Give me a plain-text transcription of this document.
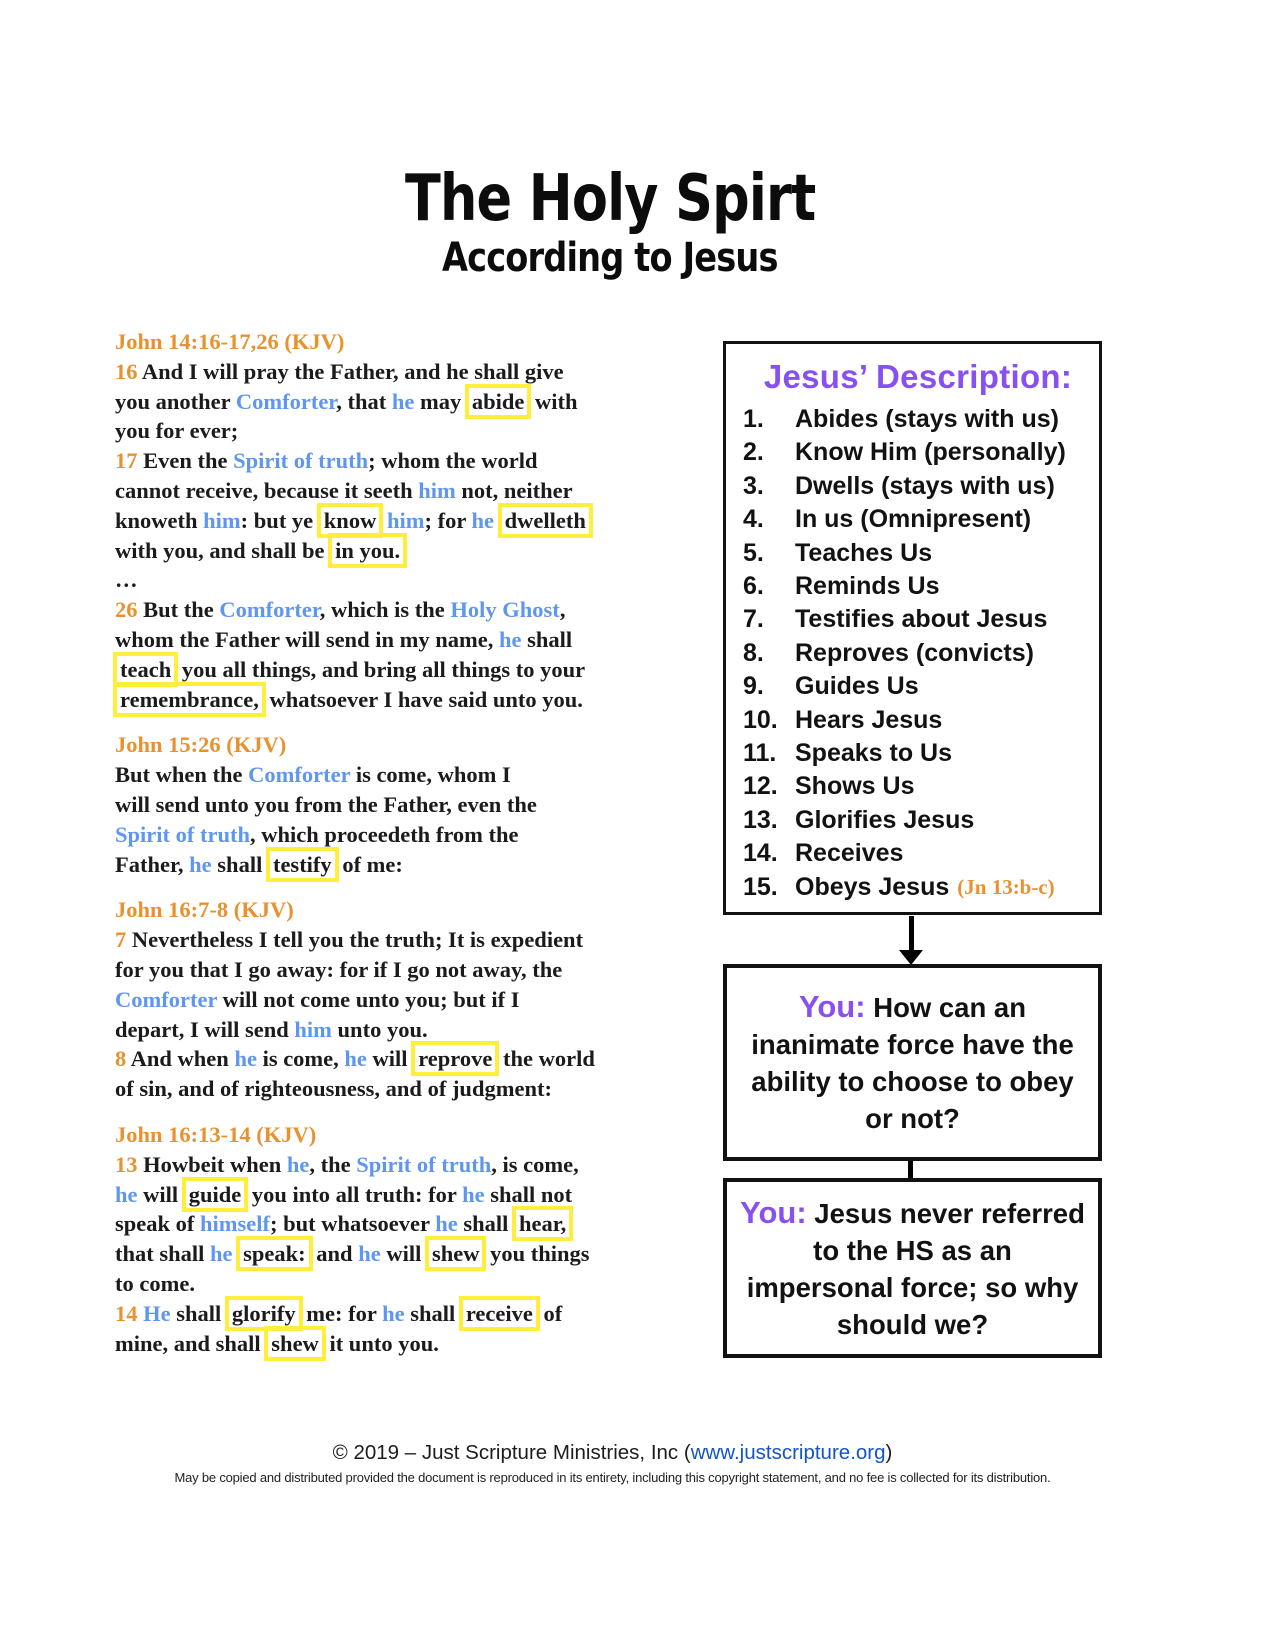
The Holy Spirt
According to Jesus
John 14:16-17,26 (KJV)
16 And I will pray the Father, and he shall give
you another Comforter, that he may abide with
you for ever;
17 Even the Spirit of truth; whom the world
cannot receive, because it seeth him not, neither
knoweth him: but ye know him; for he dwelleth
with you, and shall be in you.
…
26 But the Comforter, which is the Holy Ghost,
whom the Father will send in my name, he shall
teach you all things, and bring all things to your
remembrance, whatsoever I have said unto you.
John 15:26 (KJV)
But when the Comforter is come, whom I
will send unto you from the Father, even the
Spirit of truth, which proceedeth from the
Father, he shall testify of me:
John 16:7-8 (KJV)
7 Nevertheless I tell you the truth; It is expedient
for you that I go away: for if I go not away, the
Comforter will not come unto you; but if I
depart, I will send him unto you.
8 And when he is come, he will reprove the world
of sin, and of righteousness, and of judgment:
John 16:13-14 (KJV)
13 Howbeit when he, the Spirit of truth, is come,
he will guide you into all truth: for he shall not
speak of himself; but whatsoever he shall hear,
that shall he speak: and he will shew you things
to come.
14 He shall glorify me: for he shall receive of
mine, and shall shew it unto you.
Jesus’ Description:
1.	Abides (stays with us)
2.	Know Him (personally)
3.	Dwells (stays with us)
4.	In us (Omnipresent)
5.	Teaches Us
6.	Reminds Us
7.	Testifies about Jesus
8.	Reproves (convicts)
9.	Guides Us
10. Hears Jesus
11. Speaks to Us
12. Shows Us
13. Glorifies Jesus
14. Receives
15. Obeys Jesus (Jn 13:b-c)
You: How can an inanimate force have the ability to choose to obey or not?
You: Jesus never referred to the HS as an impersonal force; so why should we?
© 2019 – Just Scripture Ministries, Inc (www.justscripture.org)
May be copied and distributed provided the document is reproduced in its entirety, including this copyright statement, and no fee is collected for its distribution.
